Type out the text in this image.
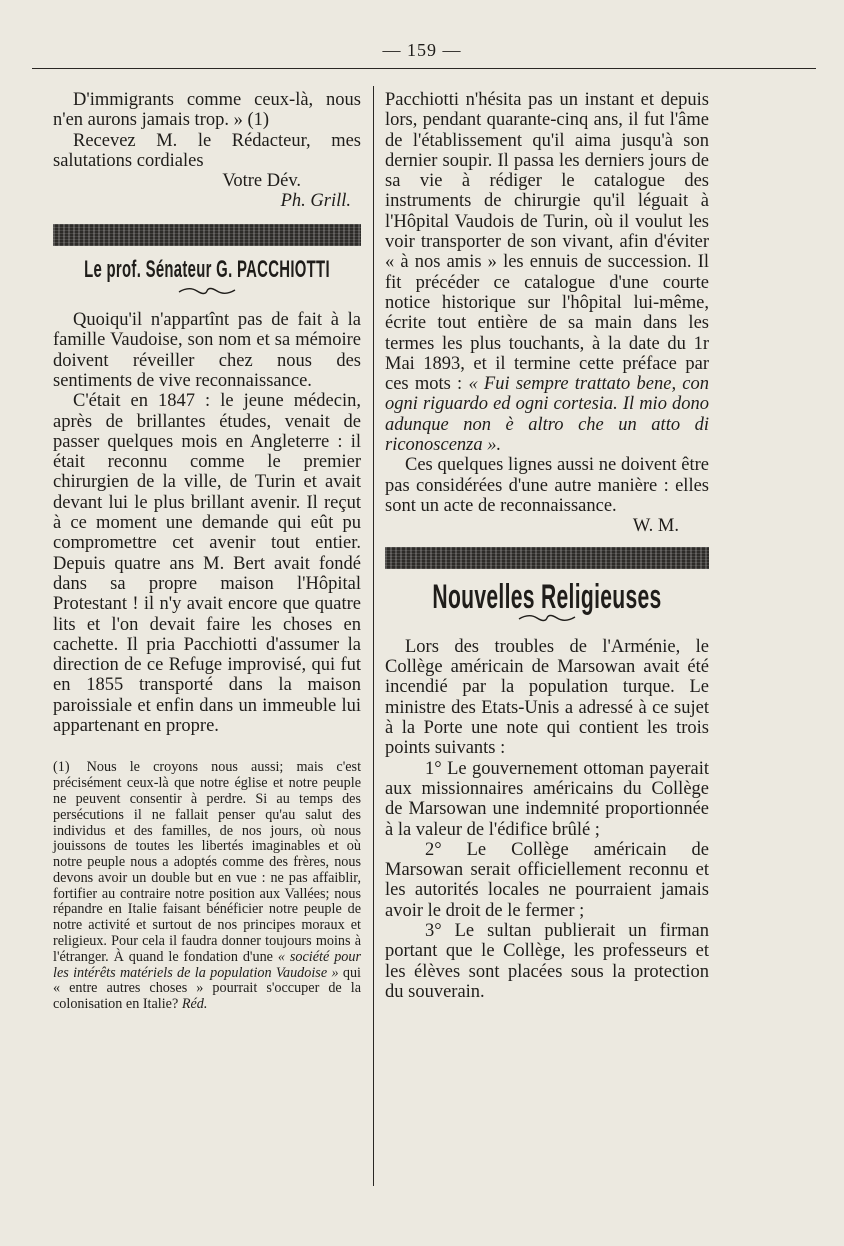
— 159 —

D'immigrants comme ceux-là, nous n'en aurons jamais trop. » (1)

Recevez M. le Rédacteur, mes salutations cordiales

Votre Dév.

Ph. Grill.

Le prof. Sénateur G. PACCHIOTTI

Quoiqu'il n'appartînt pas de fait à la famille Vaudoise, son nom et sa mémoire doivent réveiller chez nous des sentiments de vive reconnaissance.

C'était en 1847 : le jeune médecin, après de brillantes études, venait de passer quelques mois en Angleterre : il était reconnu comme le premier chirurgien de la ville, de Turin et avait devant lui le plus brillant avenir. Il reçut à ce moment une demande qui eût pu compromettre cet avenir tout entier. Depuis quatre ans M. Bert avait fondé dans sa propre maison l'Hôpital Protestant ! il n'y avait encore que quatre lits et l'on devait faire les choses en cachette. Il pria Pacchiotti d'assumer la direction de ce Refuge improvisé, qui fut en 1855 transporté dans la maison paroissiale et enfin dans un immeuble lui appartenant en propre.

(1) Nous le croyons nous aussi; mais c'est précisément ceux-là que notre église et notre peuple ne peuvent consentir à perdre. Si au temps des persécutions il ne fallait penser qu'au salut des individus et des familles, de nos jours, où nous jouissons de toutes les libertés imaginables et où notre peuple nous a adoptés comme des frères, nous devons avoir un double but en vue : ne pas affaiblir, fortifier au contraire notre position aux Vallées; nous répandre en Italie faisant bénéficier notre peuple de notre activité et surtout de nos principes moraux et religieux. Pour cela il faudra donner toujours moins à l'étranger. À quand le fondation d'une « société pour les intérêts matériels de la population Vaudoise » qui « entre autres choses » pourrait s'occuper de la colonisation en Italie? Réd.

Pacchiotti n'hésita pas un instant et depuis lors, pendant quarante-cinq ans, il fut l'âme de l'établissement qu'il aima jusqu'à son dernier soupir. Il passa les derniers jours de sa vie à rédiger le catalogue des instruments de chirurgie qu'il léguait à l'Hôpital Vaudois de Turin, où il voulut les voir transporter de son vivant, afin d'éviter « à nos amis » les ennuis de succession. Il fit précéder ce catalogue d'une courte notice historique sur l'hôpital lui-même, écrite tout entière de sa main dans les termes les plus touchants, à la date du 1r Mai 1893, et il termine cette préface par ces mots : « Fui sempre trattato bene, con ogni riguardo ed ogni cortesia. Il mio dono adunque non è altro che un atto di riconoscenza ».

Ces quelques lignes aussi ne doivent être pas considérées d'une autre manière : elles sont un acte de reconnaissance.

W. M.

Nouvelles Religieuses

Lors des troubles de l'Arménie, le Collège américain de Marsowan avait été incendié par la population turque. Le ministre des Etats-Unis a adressé à ce sujet à la Porte une note qui contient les trois points suivants :

1° Le gouvernement ottoman payerait aux missionnaires américains du Collège de Marsowan une indemnité proportionnée à la valeur de l'édifice brûlé ;

2° Le Collège américain de Marsowan serait officiellement reconnu et les autorités locales ne pourraient jamais avoir le droit de le fermer ;

3° Le sultan publierait un firman portant que le Collège, les professeurs et les élèves sont placées sous la protection du souverain.
